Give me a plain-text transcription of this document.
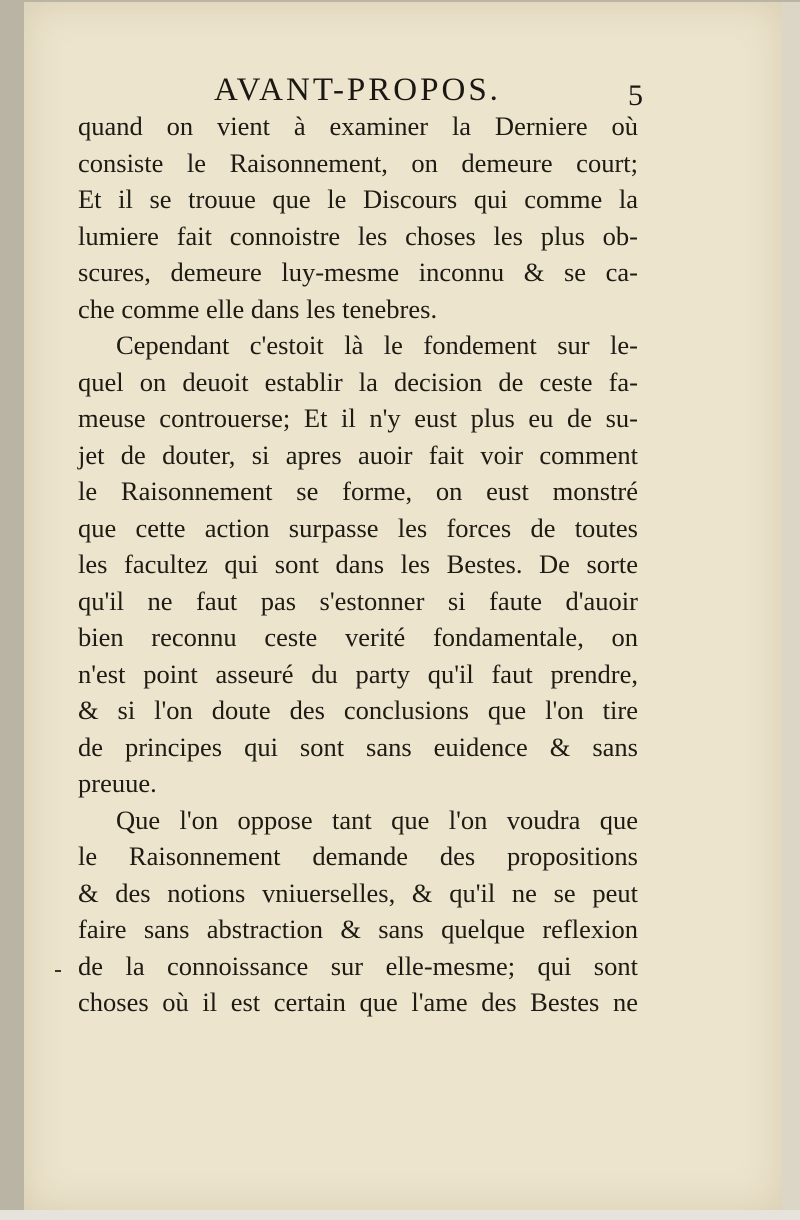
AVANT-PROPOS.	5
quand on vient à examiner la Derniere où
consiste le Raisonnement, on demeure court;
Et il se trouue que le Discours qui comme la
lumiere fait connoistre les choses les plus ob-
scures, demeure luy-mesme inconnu & se ca-
che comme elle dans les tenebres.
Cependant c'estoit là le fondement sur le-
quel on deuoit establir la decision de ceste fa-
meuse controuerse; Et il n'y eust plus eu de su-
jet de douter, si apres auoir fait voir comment
le Raisonnement se forme, on eust monstré
que cette action surpasse les forces de toutes
les facultez qui sont dans les Bestes. De sorte
qu'il ne faut pas s'estonner si faute d'auoir
bien reconnu ceste verité fondamentale, on
n'est point asseuré du party qu'il faut prendre,
& si l'on doute des conclusions que l'on tire
de principes qui sont sans euidence & sans
preuue.
Que l'on oppose tant que l'on voudra que
le Raisonnement demande des propositions
& des notions vniuerselles, & qu'il ne se peut
faire sans abstraction & sans quelque reflexion
de la connoissance sur elle-mesme; qui sont
choses où il est certain que l'ame des Bestes ne
